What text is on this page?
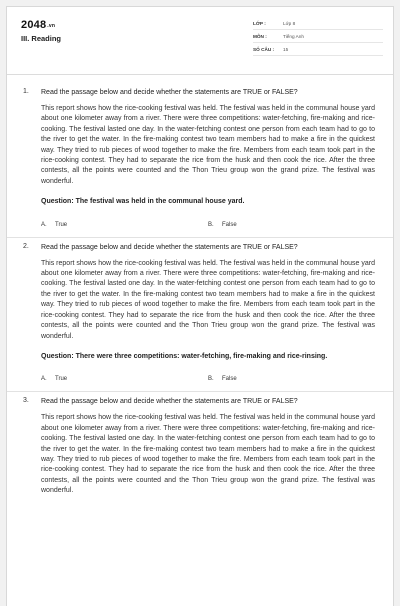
2048.vn
III. Reading
LỚP :	Lớp 8
MÔN :	Tiếng Anh
SỐ CÂU :	15
1. Read the passage below and decide whether the statements are TRUE or FALSE?
This report shows how the rice-cooking festival was held. The festival was held in the communal house yard about one kilometer away from a river. There were three competitions: water-fetching, fire-making and rice-cooking. The festival lasted one day. In the water-fetching contest one person from each team had to go to the river to get the water. In the fire-making contest two team members had to make a fire in the quickest way. They tried to rub pieces of wood together to make the fire. Members from each team took part in the rice-cooking contest. They had to separate the rice from the husk and then cook the rice. After the three contests, all the points were counted and the Thon Trieu group won the grand prize. The festival was wonderful.
Question: The festival was held in the communal house yard.
A.	True	B.	False
2. Read the passage below and decide whether the statements are TRUE or FALSE?
This report shows how the rice-cooking festival was held. The festival was held in the communal house yard about one kilometer away from a river. There were three competitions: water-fetching, fire-making and rice-cooking. The festival lasted one day. In the water-fetching contest one person from each team had to go to the river to get the water. In the fire-making contest two team members had to make a fire in the quickest way. They tried to rub pieces of wood together to make the fire. Members from each team took part in the rice-cooking contest. They had to separate the rice from the husk and then cook the rice. After the three contests, all the points were counted and the Thon Trieu group won the grand prize. The festival was wonderful.
Question: There were three competitions: water-fetching, fire-making and rice-rinsing.
A.	True	B.	False
3. Read the passage below and decide whether the statements are TRUE or FALSE?
This report shows how the rice-cooking festival was held. The festival was held in the communal house yard about one kilometer away from a river. There were three competitions: water-fetching, fire-making and rice-cooking. The festival lasted one day. In the water-fetching contest one person from each team had to go to the river to get the water. In the fire-making contest two team members had to make a fire in the quickest way. They tried to rub pieces of wood together to make the fire. Members from each team took part in the rice-cooking contest. They had to separate the rice from the husk and then cook the rice. After the three contests, all the points were counted and the Thon Trieu group won the grand prize. The festival was wonderful.
